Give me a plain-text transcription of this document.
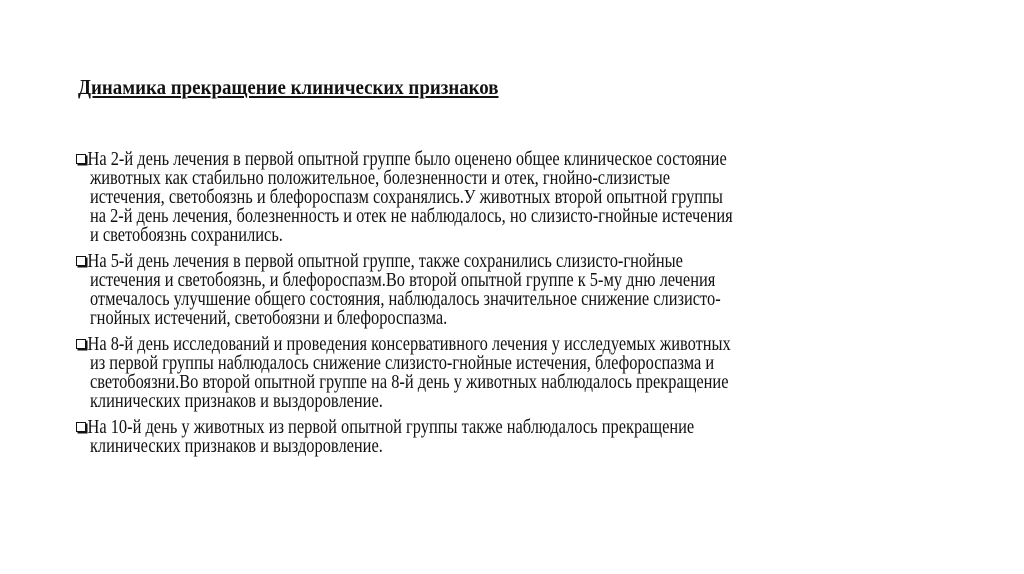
Динамика прекращение клинических признаков
На 2-й день лечения в первой опытной группе было оценено общее клиническое состояние
животных как стабильно положительное, болезненности и отек, гнойно-слизистые
истечения, светобоязнь и блефороспазм сохранялись.У животных второй опытной группы
на 2-й день лечения, болезненность и отек не наблюдалось, но слизисто-гнойные истечения
и светобоязнь сохранились.
На 5-й день лечения в первой опытной группе, также сохранились слизисто-гнойные
истечения и светобоязнь, и блефороспазм.Во второй опытной группе к 5-му дню лечения
отмечалось улучшение общего состояния, наблюдалось значительное снижение слизисто-
гнойных истечений, светобоязни и блефороспазма.
На 8-й день исследований и проведения консервативного лечения у исследуемых животных
из первой группы наблюдалось снижение слизисто-гнойные истечения, блефороспазма и
светобоязни.Во второй опытной группе на 8-й день у животных наблюдалось прекращение
клинических признаков и выздоровление.
На 10-й день у животных из первой опытной группы также наблюдалось прекращение
клинических признаков и выздоровление.
